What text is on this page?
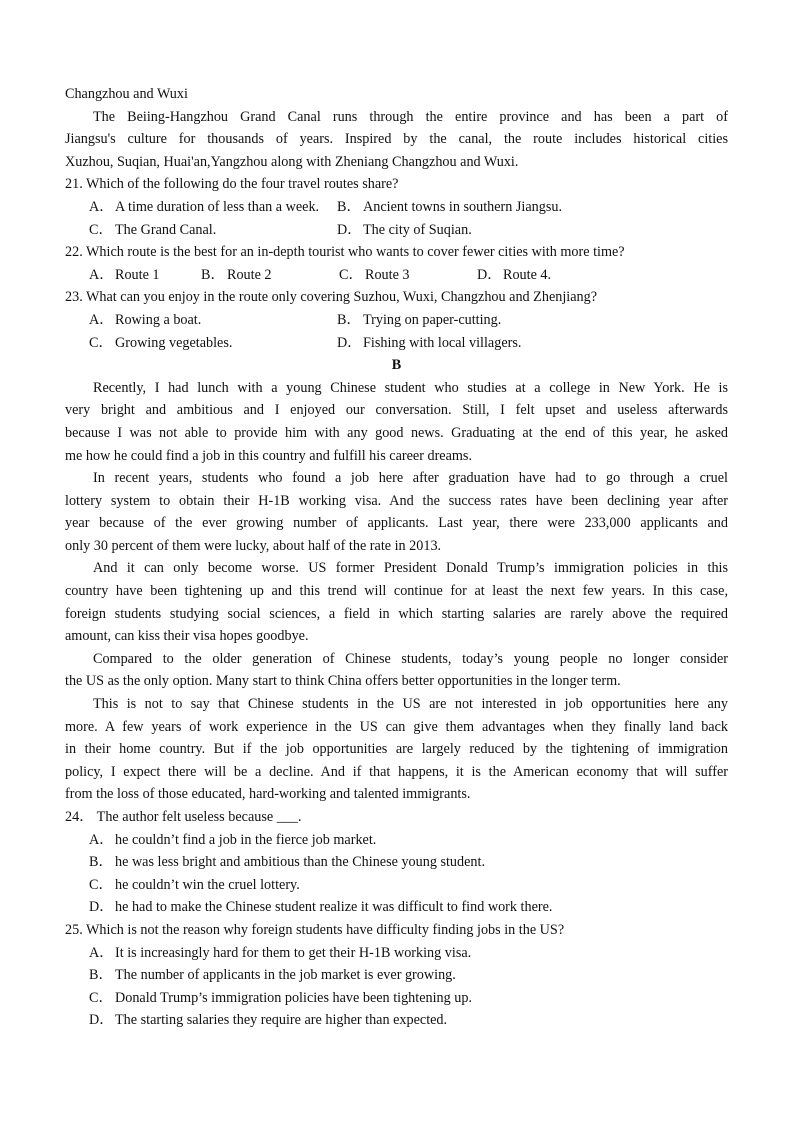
Changzhou and Wuxi
The Beiing-Hangzhou Grand Canal runs through the entire province and has been a part of
Jiangsu's culture for thousands of years. Inspired by the canal, the route includes historical cities
Xuzhou, Suqian, Huai'an,Yangzhou along with Zheniang Changzhou and Wuxi.
21. Which of the following do the four travel routes share?
A． A time duration of less than a week. B． Ancient towns in southern Jiangsu.
C． The Grand Canal.	D． The city of Suqian.
22. Which route is the best for an in-depth tourist who wants to cover fewer cities with more time?
A． Route 1	B． Route 2	C． Route 3	D． Route 4.
23. What can you enjoy in the route only covering Suzhou, Wuxi, Changzhou and Zhenjiang?
A． Rowing a boat.	B． Trying on paper-cutting.
C． Growing vegetables.	D． Fishing with local villagers.
B
Recently, I had lunch with a young Chinese student who studies at a college in New York. He is
very bright and ambitious and I enjoyed our conversation. Still, I felt upset and useless afterwards
because I was not able to provide him with any good news. Graduating at the end of this year, he asked
me how he could find a job in this country and fulfill his career dreams.
In recent years, students who found a job here after graduation have had to go through a cruel
lottery system to obtain their H-1B working visa. And the success rates have been declining year after
year because of the ever growing number of applicants. Last year, there were 233,000 applicants and
only 30 percent of them were lucky, about half of the rate in 2013.
And it can only become worse. US former President Donald Trump’s immigration policies in this
country have been tightening up and this trend will continue for at least the next few years. In this case,
foreign students studying social sciences, a field in which starting salaries are rarely above the required
amount, can kiss their visa hopes goodbye.
Compared to the older generation of Chinese students, today’s young people no longer consider
the US as the only option. Many start to think China offers better opportunities in the longer term.
This is not to say that Chinese students in the US are not interested in job opportunities here any
more. A few years of work experience in the US can give them advantages when they finally land back
in their home country. But if the job opportunities are largely reduced by the tightening of immigration
policy, I expect there will be a decline. And if that happens, it is the American economy that will suffer
from the loss of those educated, hard-working and talented immigrants.
24． The author felt useless because ___.
A． he couldn’t find a job in the fierce job market.
B． he was less bright and ambitious than the Chinese young student.
C． he couldn’t win the cruel lottery.
D． he had to make the Chinese student realize it was difficult to find work there.
25. Which is not the reason why foreign students have difficulty finding jobs in the US?
A． It is increasingly hard for them to get their H-1B working visa.
B． The number of applicants in the job market is ever growing.
C． Donald Trump’s immigration policies have been tightening up.
D． The starting salaries they require are higher than expected.
